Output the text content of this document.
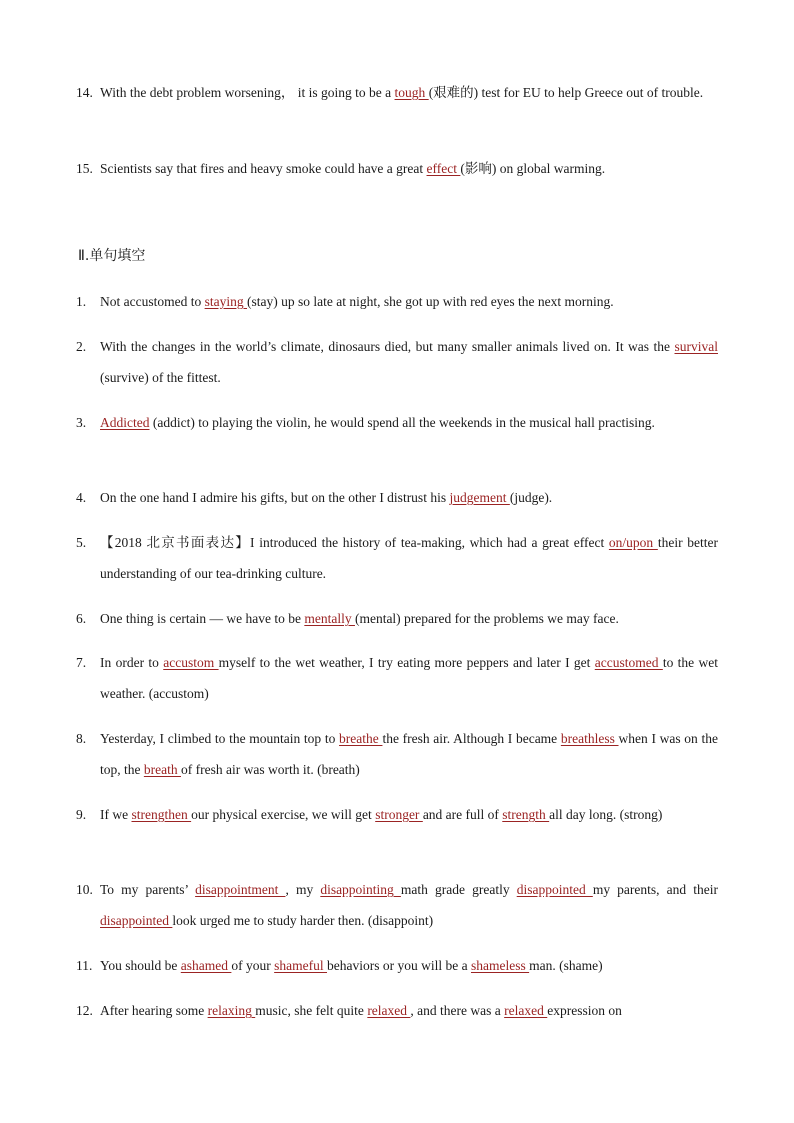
14. With the debt problem worsening， it is going to be a tough (艰难的) test for EU to help Greece out of trouble.
15. Scientists say that fires and heavy smoke could have a great effect (影响) on global warming.
Ⅱ.单句填空
1. Not accustomed to staying (stay) up so late at night, she got up with red eyes the next morning.
2. With the changes in the world’s climate, dinosaurs died, but many smaller animals lived on. It was the survival (survive) of the fittest.
3. Addicted (addict) to playing the violin, he would spend all the weekends in the musical hall practising.
4. On the one hand I admire his gifts, but on the other I distrust his judgement (judge).
5. 【2018 北京书面表达】I introduced the history of tea-making, which had a great effect on/upon their better understanding of our tea-drinking culture.
6. One thing is certain — we have to be mentally (mental) prepared for the problems we may face.
7. In order to accustom myself to the wet weather, I try eating more peppers and later I get accustomed to the wet weather. (accustom)
8. Yesterday, I climbed to the mountain top to breathe the fresh air. Although I became breathless when I was on the top, the breath of fresh air was worth it. (breath)
9. If we strengthen our physical exercise, we will get stronger and are full of strength all day long. (strong)
10. To my parents’ disappointment , my disappointing math grade greatly disappointed my parents, and their disappointed look urged me to study harder then. (disappoint)
11. You should be ashamed of your shameful behaviors or you will be a shameless man. (shame)
12. After hearing some relaxing music, she felt quite relaxed , and there was a relaxed expression on
